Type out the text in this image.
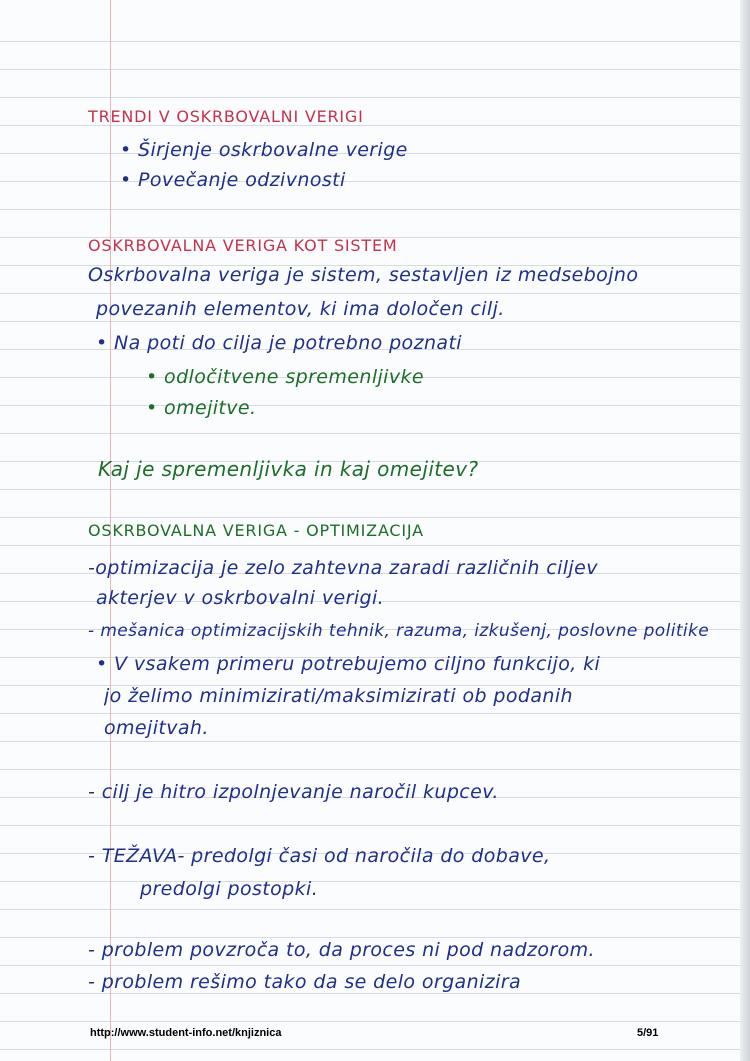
TRENDI V OSKRBOVALNI VERIGI
• Širjenje oskrbovalne verige
• Povečanje odzivnosti
OSKRBOVALNA VERIGA KOT SISTEM
Oskrbovalna veriga je sistem, sestavljen iz medsebojno
povezanih elementov, ki ima določen cilj.
• Na poti do cilja je potrebno poznati
• odločitvene spremenljivke
• omejitve.
Kaj je spremenljivka in kaj omejitev?
OSKRBOVALNA VERIGA - OPTIMIZACIJA
-optimizacija je zelo zahtevna zaradi različnih ciljev
akterjev v oskrbovalni verigi.
- mešanica optimizacijskih tehnik, razuma, izkušenj, poslovne politike
• V vsakem primeru potrebujemo ciljno funkcijo, ki
jo želimo minimizirati/maksimizirati ob podanih
omejitvah.
- cilj je hitro izpolnjevanje naročil kupcev.
- TEŽAVA- predolgi časi od naročila do dobave,
predolgi postopki.
- problem povzroča to, da proces ni pod nadzorom.
- problem rešimo tako da se delo organizira
http://www.student-info.net/knjiznica	5/91
